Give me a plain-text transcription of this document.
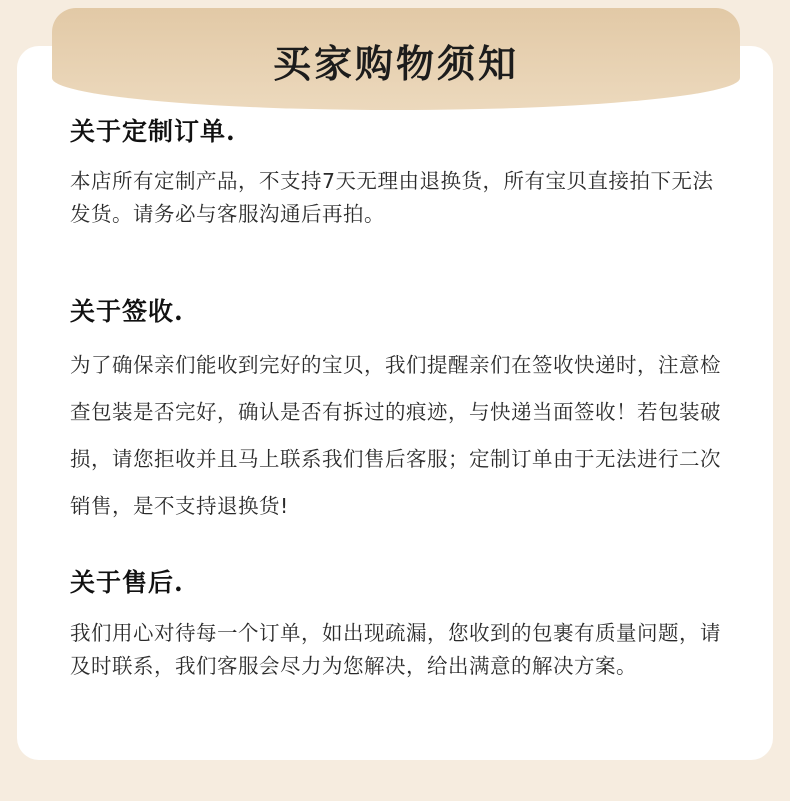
买家购物须知
关于定制订单.

本店所有定制产品，不支持7天无理由退换货，所有宝贝直接拍下无法发货。请务必与客服沟通后再拍。

关于签收.

为了确保亲们能收到完好的宝贝，我们提醒亲们在签收快递时，注意检查包装是否完好，确认是否有拆过的痕迹，与快递当面签收！若包装破损，请您拒收并且马上联系我们售后客服；定制订单由于无法进行二次销售，是不支持退换货!

关于售后.

我们用心对待每一个订单，如出现疏漏，您收到的包裹有质量问题，请及时联系，我们客服会尽力为您解决，给出满意的解决方案。
